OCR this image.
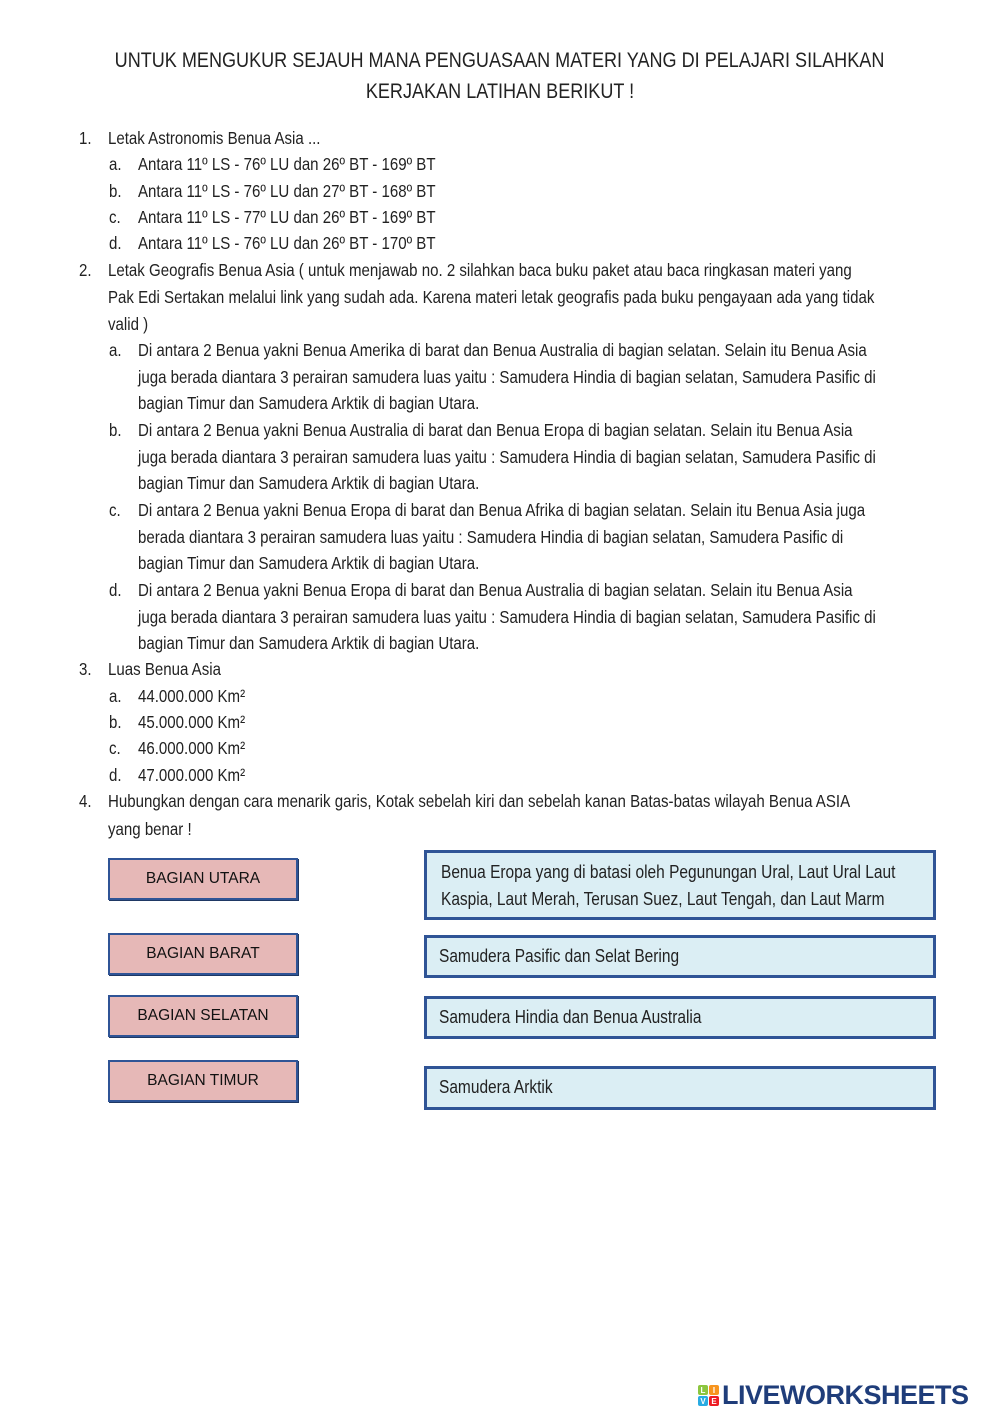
UNTUK MENGUKUR SEJAUH MANA PENGUASAAN MATERI YANG DI PELAJARI SILAHKAN
KERJAKAN LATIHAN BERIKUT !
1. Letak Astronomis Benua Asia ...
a. Antara 11º LS - 76º LU dan 26º BT - 169º BT
b. Antara 11º LS - 76º LU dan 27º BT - 168º BT
c. Antara 11º LS - 77º LU dan 26º BT - 169º BT
d. Antara 11º LS - 76º LU dan 26º BT - 170º BT
2. Letak Geografis Benua Asia ( untuk menjawab no. 2 silahkan baca buku paket atau baca ringkasan materi yang
Pak Edi Sertakan melalui link yang sudah ada. Karena materi letak geografis pada buku pengayaan ada yang tidak
valid )
a. Di antara 2 Benua yakni Benua Amerika di barat dan Benua Australia di bagian selatan. Selain itu Benua Asia
juga berada diantara 3 perairan samudera luas yaitu : Samudera Hindia di bagian selatan, Samudera Pasific di
bagian Timur dan Samudera Arktik di bagian Utara.
b. Di antara 2 Benua yakni Benua Australia di barat dan Benua Eropa di bagian selatan. Selain itu Benua Asia
juga berada diantara 3 perairan samudera luas yaitu : Samudera Hindia di bagian selatan, Samudera Pasific di
bagian Timur dan Samudera Arktik di bagian Utara.
c. Di antara 2 Benua yakni Benua Eropa di barat dan Benua Afrika di bagian selatan. Selain itu Benua Asia juga
berada diantara 3 perairan samudera luas yaitu : Samudera Hindia di bagian selatan, Samudera Pasific di
bagian Timur dan Samudera Arktik di bagian Utara.
d. Di antara 2 Benua yakni Benua Eropa di barat dan Benua Australia di bagian selatan. Selain itu Benua Asia
juga berada diantara 3 perairan samudera luas yaitu : Samudera Hindia di bagian selatan, Samudera Pasific di
bagian Timur dan Samudera Arktik di bagian Utara.
3. Luas Benua Asia
a. 44.000.000 Km²
b. 45.000.000 Km²
c. 46.000.000 Km²
d. 47.000.000 Km²
4. Hubungkan dengan cara menarik garis, Kotak sebelah kiri dan sebelah kanan Batas-batas wilayah Benua ASIA
yang benar !
BAGIAN UTARA
BAGIAN BARAT
BAGIAN SELATAN
BAGIAN TIMUR
Benua Eropa yang di batasi oleh Pegunungan Ural, Laut Ural Laut
Kaspia, Laut Merah, Terusan Suez, Laut Tengah, dan Laut Marm
Samudera Pasific dan Selat Bering
Samudera Hindia dan Benua Australia
Samudera Arktik
L I
V E LIVEWORKSHEETS
